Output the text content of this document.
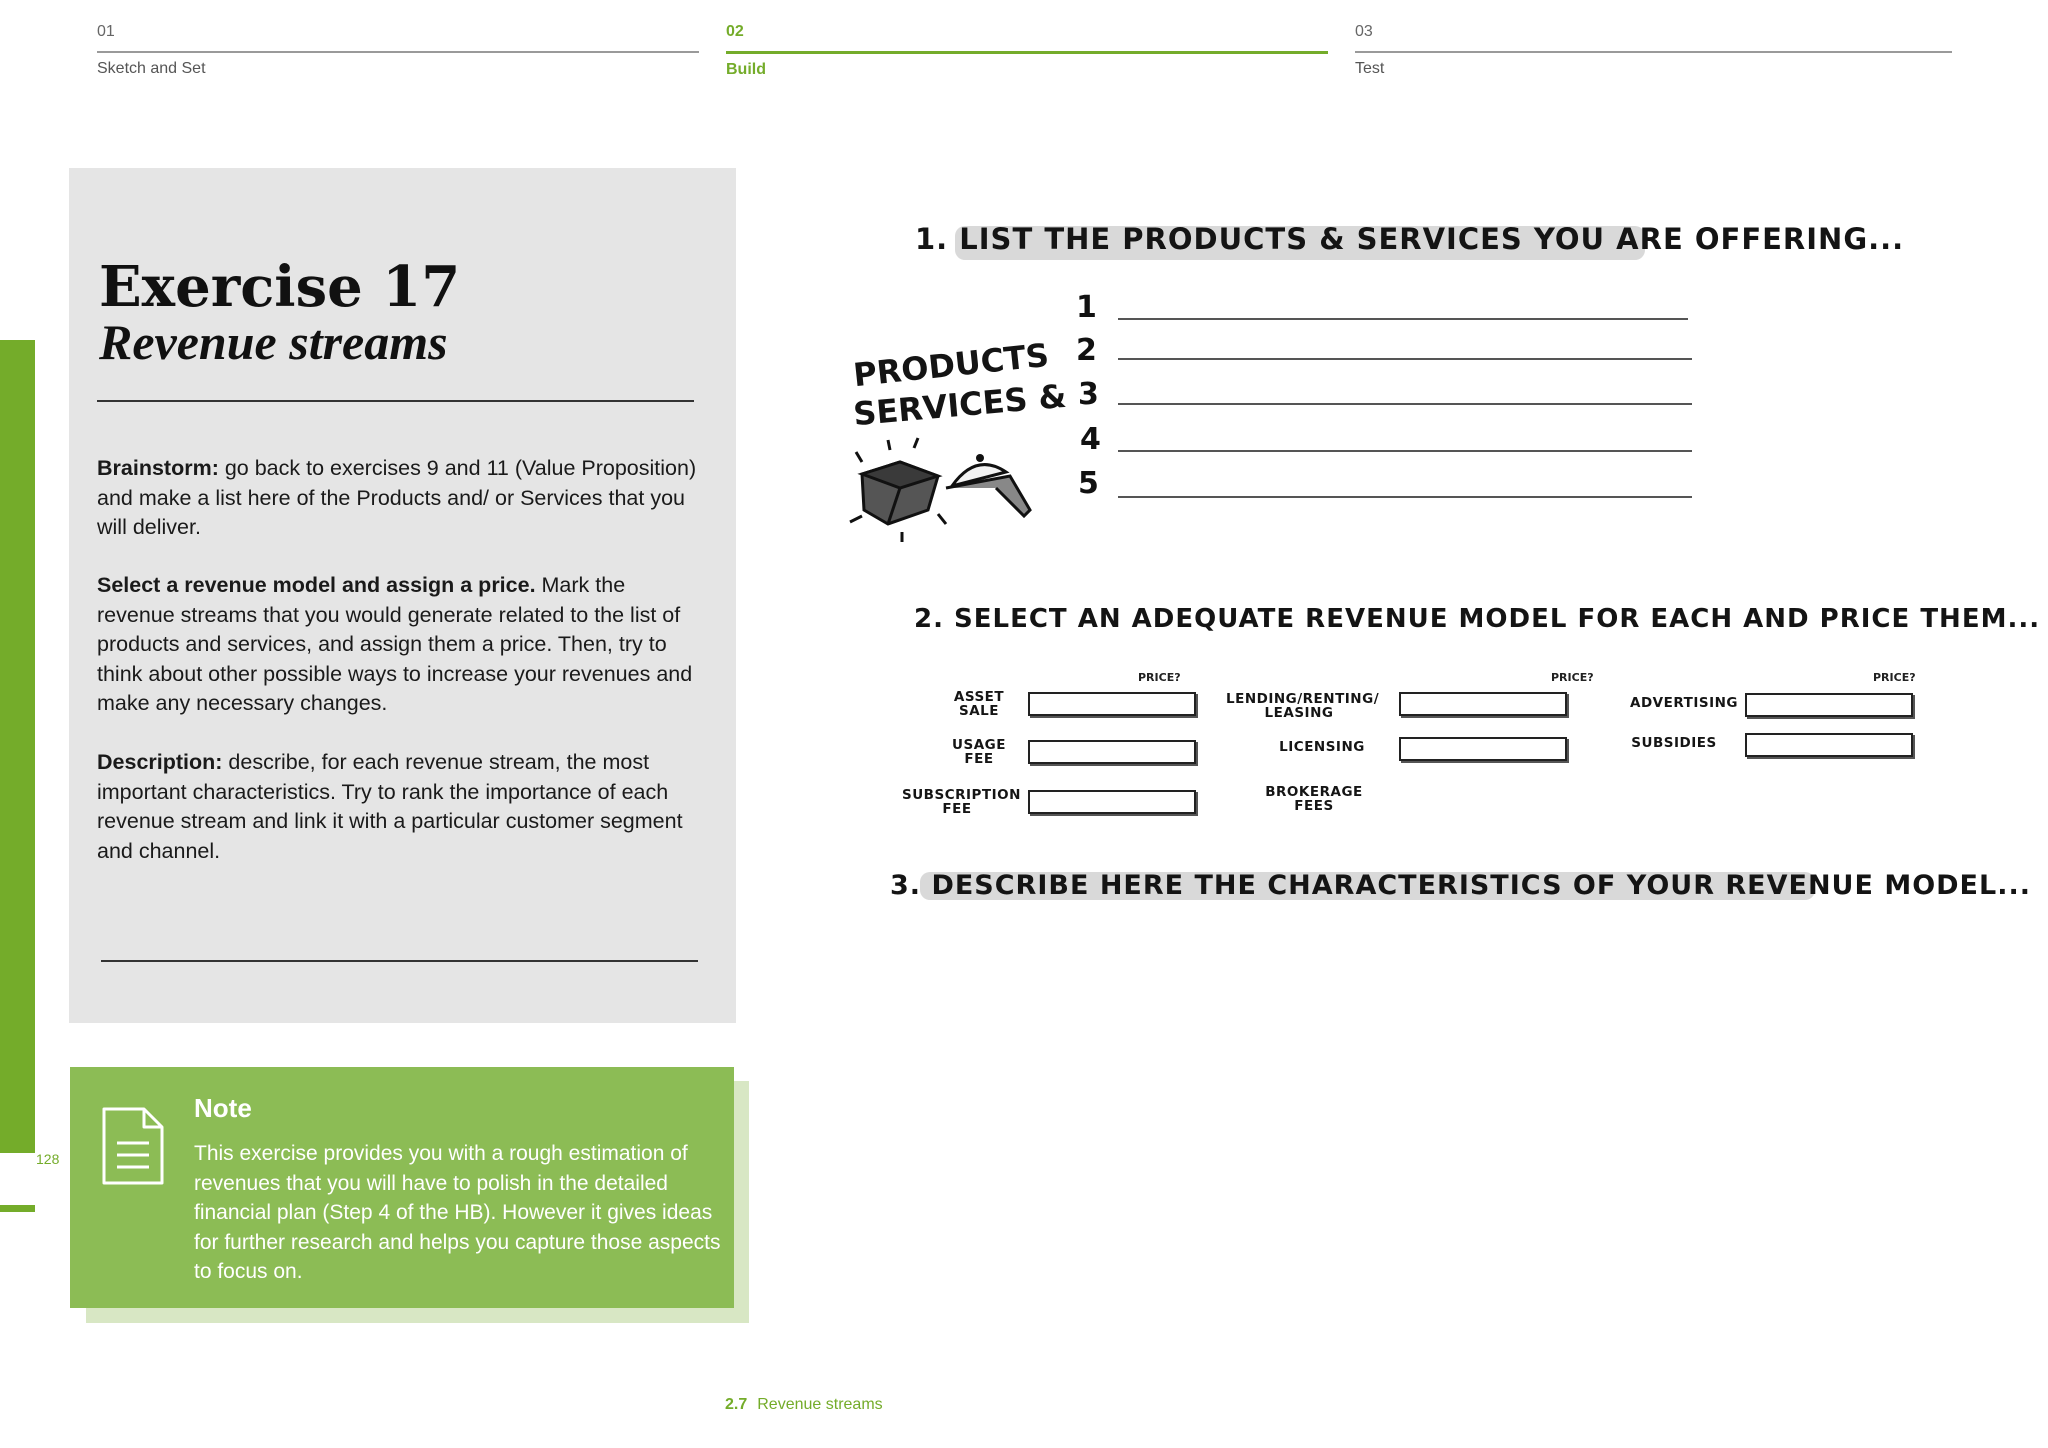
01
Sketch and Set
02
Build
03
Test
128
Exercise 17
Revenue streams

Brainstorm: go back to exercises 9 and 11 (Value Proposition) and make a list here of the Products and/ or Services that you will deliver.

Select a revenue model and assign a price. Mark the revenue streams that you would generate related to the list of products and services, and assign them a price. Then, try to think about other possible ways to increase your revenues and make any necessary changes.

Description: describe, for each revenue stream, the most important characteristics. Try to rank the importance of each revenue stream and link it with a particular customer segment and channel.

Note

This exercise provides you with a rough estimation of revenues that you will have to polish in the detailed financial plan (Step 4 of the HB). However it gives ideas for further research and helps you capture those aspects to focus on.

1. LIST THE PRODUCTS & SERVICES YOU ARE OFFERING...
PRODUCTS
SERVICES &
1
2
3
4
5
2. SELECT AN ADEQUATE REVENUE MODEL FOR EACH AND PRICE THEM...
PRICE?	PRICE?	PRICE?
ASSET SALE
USAGE FEE
SUBSCRIPTION FEE
LENDING/RENTING/ LEASING
LICENSING
BROKERAGE FEES
ADVERTISING
SUBSIDIES
3. DESCRIBE HERE THE CHARACTERISTICS OF YOUR REVENUE MODEL...
2.7 Revenue streams
